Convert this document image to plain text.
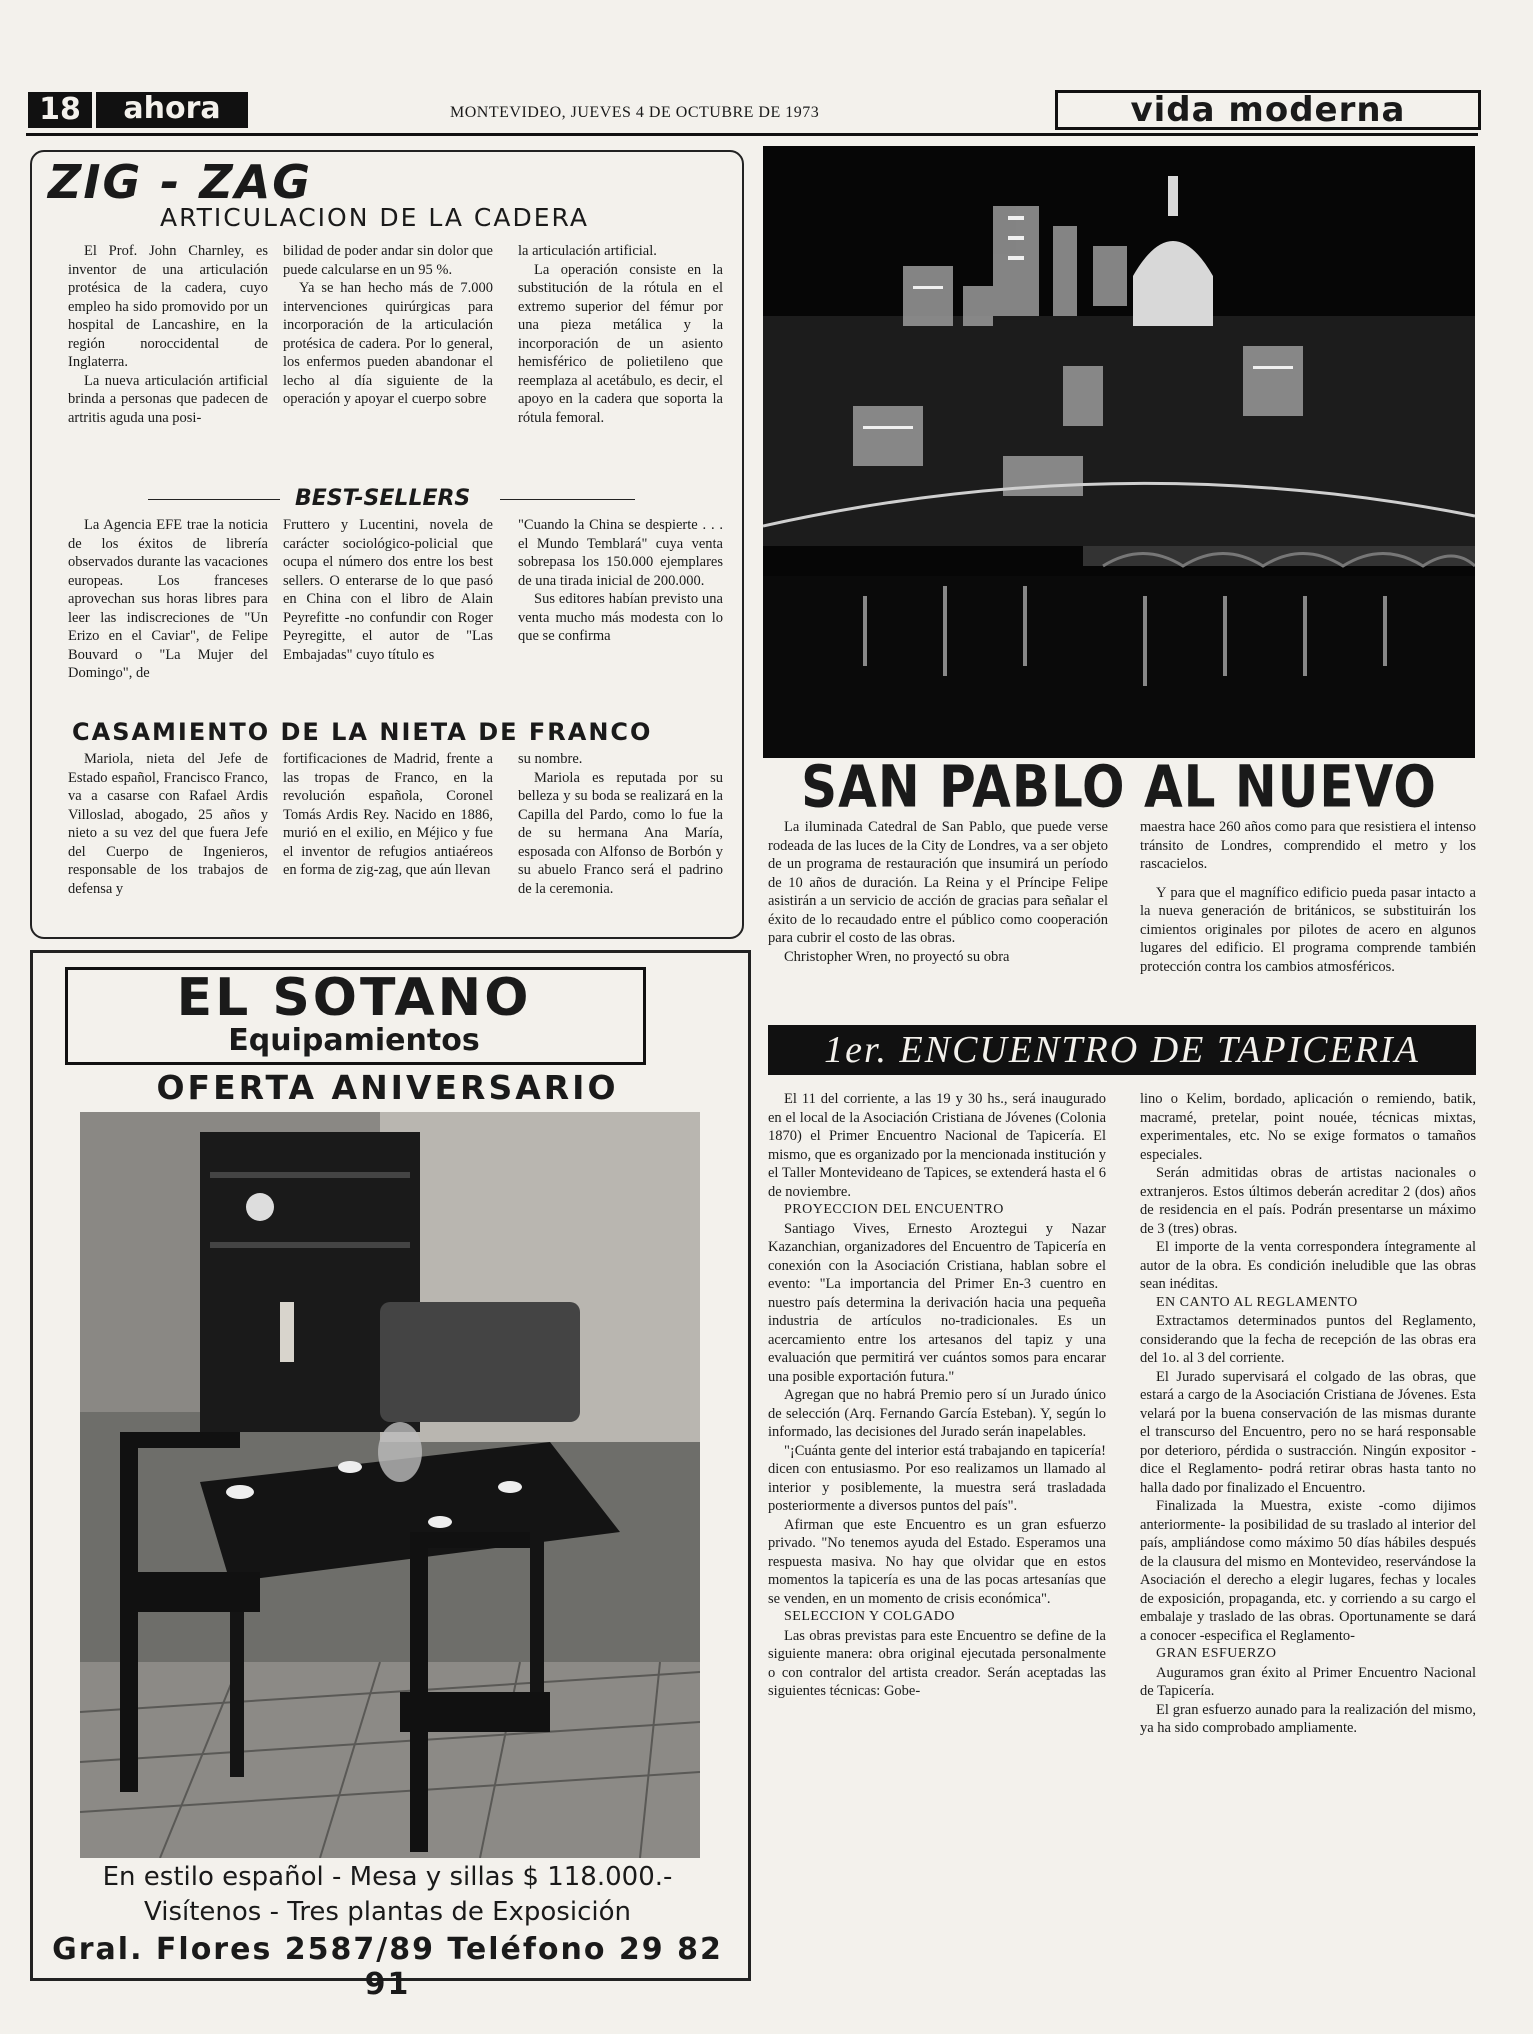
18	ahora	MONTEVIDEO, JUEVES 4 DE OCTUBRE DE 1973	vida moderna
ZIG - ZAG
ARTICULACION DE LA CADERA

El Prof. John Charnley, es inventor de una articulación protésica de la cadera, cuyo empleo ha sido promovido por un hospital de Lancashire, en la región noroccidental de Inglaterra.

La nueva articulación artificial brinda a personas que padecen de artritis aguda una posi-

bilidad de poder andar sin dolor que puede calcularse en un 95 %.

Ya se han hecho más de 7.000 intervenciones quirúrgicas para incorporación de la articulación protésica de cadera. Por lo general, los enfermos pueden abandonar el lecho al día siguiente de la operación y apoyar el cuerpo sobre

la articulación artificial.

La operación consiste en la substitución de la rótula en el extremo superior del fémur por una pieza metálica y la incorporación de un asiento hemisférico de polietileno que reemplaza al acetábulo, es decir, el apoyo en la cadera que soporta la rótula femoral.

BEST-SELLERS

La Agencia EFE trae la noticia de los éxitos de librería observados durante las vacaciones europeas. Los franceses aprovechan sus horas libres para leer las indiscreciones de "Un Erizo en el Caviar", de Felipe Bouvard o "La Mujer del Domingo", de

Fruttero y Lucentini, novela de carácter sociológico-policial que ocupa el número dos entre los best sellers. O enterarse de lo que pasó en China con el libro de Alain Peyrefitte -no confundir con Roger Peyregitte, el autor de "Las Embajadas" cuyo título es

"Cuando la China se despierte . . . el Mundo Temblará" cuya venta sobrepasa los 150.000 ejemplares de una tirada inicial de 200.000.

Sus editores habían previsto una venta mucho más modesta con lo que se confirma

CASAMIENTO DE LA NIETA DE FRANCO

Mariola, nieta del Jefe de Estado español, Francisco Franco, va a casarse con Rafael Ardis Villoslad, abogado, 25 años y nieto a su vez del que fuera Jefe del Cuerpo de Ingenieros, responsable de los trabajos de defensa y

fortificaciones de Madrid, frente a las tropas de Franco, en la revolución española, Coronel Tomás Ardis Rey. Nacido en 1886, murió en el exilio, en Méjico y fue el inventor de refugios antiaéreos en forma de zig-zag, que aún llevan

su nombre.

Mariola es reputada por su belleza y su boda se realizará en la Capilla del Pardo, como lo fue la de su hermana Ana María, esposada con Alfonso de Borbón y su abuelo Franco será el padrino de la ceremonia.

EL SOTANO
Equipamientos
OFERTA ANIVERSARIO
En estilo español - Mesa y sillas $ 118.000.-
Visítenos - Tres plantas de Exposición
Gral. Flores 2587/89 Teléfono 29 82 91
SAN PABLO AL NUEVO

La iluminada Catedral de San Pablo, que puede verse rodeada de las luces de la City de Londres, va a ser objeto de un programa de restauración que insumirá un período de 10 años de duración. La Reina y el Príncipe Felipe asistirán a un servicio de acción de gracias para señalar el éxito de lo recaudado entre el público como cooperación para cubrir el costo de las obras.

Christopher Wren, no proyectó su obra

maestra hace 260 años como para que resistiera el intenso tránsito de Londres, comprendido el metro y los rascacielos.

Y para que el magnífico edificio pueda pasar intacto a la nueva generación de británicos, se substituirán los cimientos originales por pilotes de acero en algunos lugares del edificio. El programa comprende también protección contra los cambios atmosféricos.

1er. ENCUENTRO DE TAPICERIA

El 11 del corriente, a las 19 y 30 hs., será inaugurado en el local de la Asociación Cristiana de Jóvenes (Colonia 1870) el Primer Encuentro Nacional de Tapicería. El mismo, que es organizado por la mencionada institución y el Taller Montevideano de Tapices, se extenderá hasta el 6 de noviembre.

PROYECCION DEL ENCUENTRO

Santiago Vives, Ernesto Aroztegui y Nazar Kazanchian, organizadores del Encuentro de Tapicería en conexión con la Asociación Cristiana, hablan sobre el evento: "La importancia del Primer En-3 cuentro en nuestro país determina la derivación hacia una pequeña industria de artículos no-tradicionales. Es un acercamiento entre los artesanos del tapiz y una evaluación que permitirá ver cuántos somos para encarar una posible exportación futura."

Agregan que no habrá Premio pero sí un Jurado único de selección (Arq. Fernando García Esteban). Y, según lo informado, las decisiones del Jurado serán inapelables.

"¡Cuánta gente del interior está trabajando en tapicería! dicen con entusiasmo. Por eso realizamos un llamado al interior y posiblemente, la muestra será trasladada posteriormente a diversos puntos del país".

Afirman que este Encuentro es un gran esfuerzo privado. "No tenemos ayuda del Estado. Esperamos una respuesta masiva. No hay que olvidar que en estos momentos la tapicería es una de las pocas artesanías que se venden, en un momento de crisis económica".

SELECCION Y COLGADO

Las obras previstas para este Encuentro se define de la siguiente manera: obra original ejecutada personalmente o con contralor del artista creador. Serán aceptadas las siguientes técnicas: Gobe-

lino o Kelim, bordado, aplicación o remiendo, batik, macramé, pretelar, point nouée, técnicas mixtas, experimentales, etc. No se exige formatos o tamaños especiales.

Serán admitidas obras de artistas nacionales o extranjeros. Estos últimos deberán acreditar 2 (dos) años de residencia en el país. Podrán presentarse un máximo de 3 (tres) obras.

El importe de la venta correspondera íntegramente al autor de la obra. Es condición ineludible que las obras sean inéditas.

EN CANTO AL REGLAMENTO

Extractamos determinados puntos del Reglamento, considerando que la fecha de recepción de las obras era del 1o. al 3 del corriente.

El Jurado supervisará el colgado de las obras, que estará a cargo de la Asociación Cristiana de Jóvenes. Esta velará por la buena conservación de las mismas durante el transcurso del Encuentro, pero no se hará responsable por deterioro, pérdida o sustracción. Ningún expositor -dice el Reglamento- podrá retirar obras hasta tanto no halla dado por finalizado el Encuentro.

Finalizada la Muestra, existe -como dijimos anteriormente- la posibilidad de su traslado al interior del país, ampliándose como máximo 50 días hábiles después de la clausura del mismo en Montevideo, reservándose la Asociación el derecho a elegir lugares, fechas y locales de exposición, propaganda, etc. y corriendo a su cargo el embalaje y traslado de las obras. Oportunamente se dará a conocer -especifica el Reglamento-

GRAN ESFUERZO

Auguramos gran éxito al Primer Encuentro Nacional de Tapicería.

El gran esfuerzo aunado para la realización del mismo, ya ha sido comprobado ampliamente.
